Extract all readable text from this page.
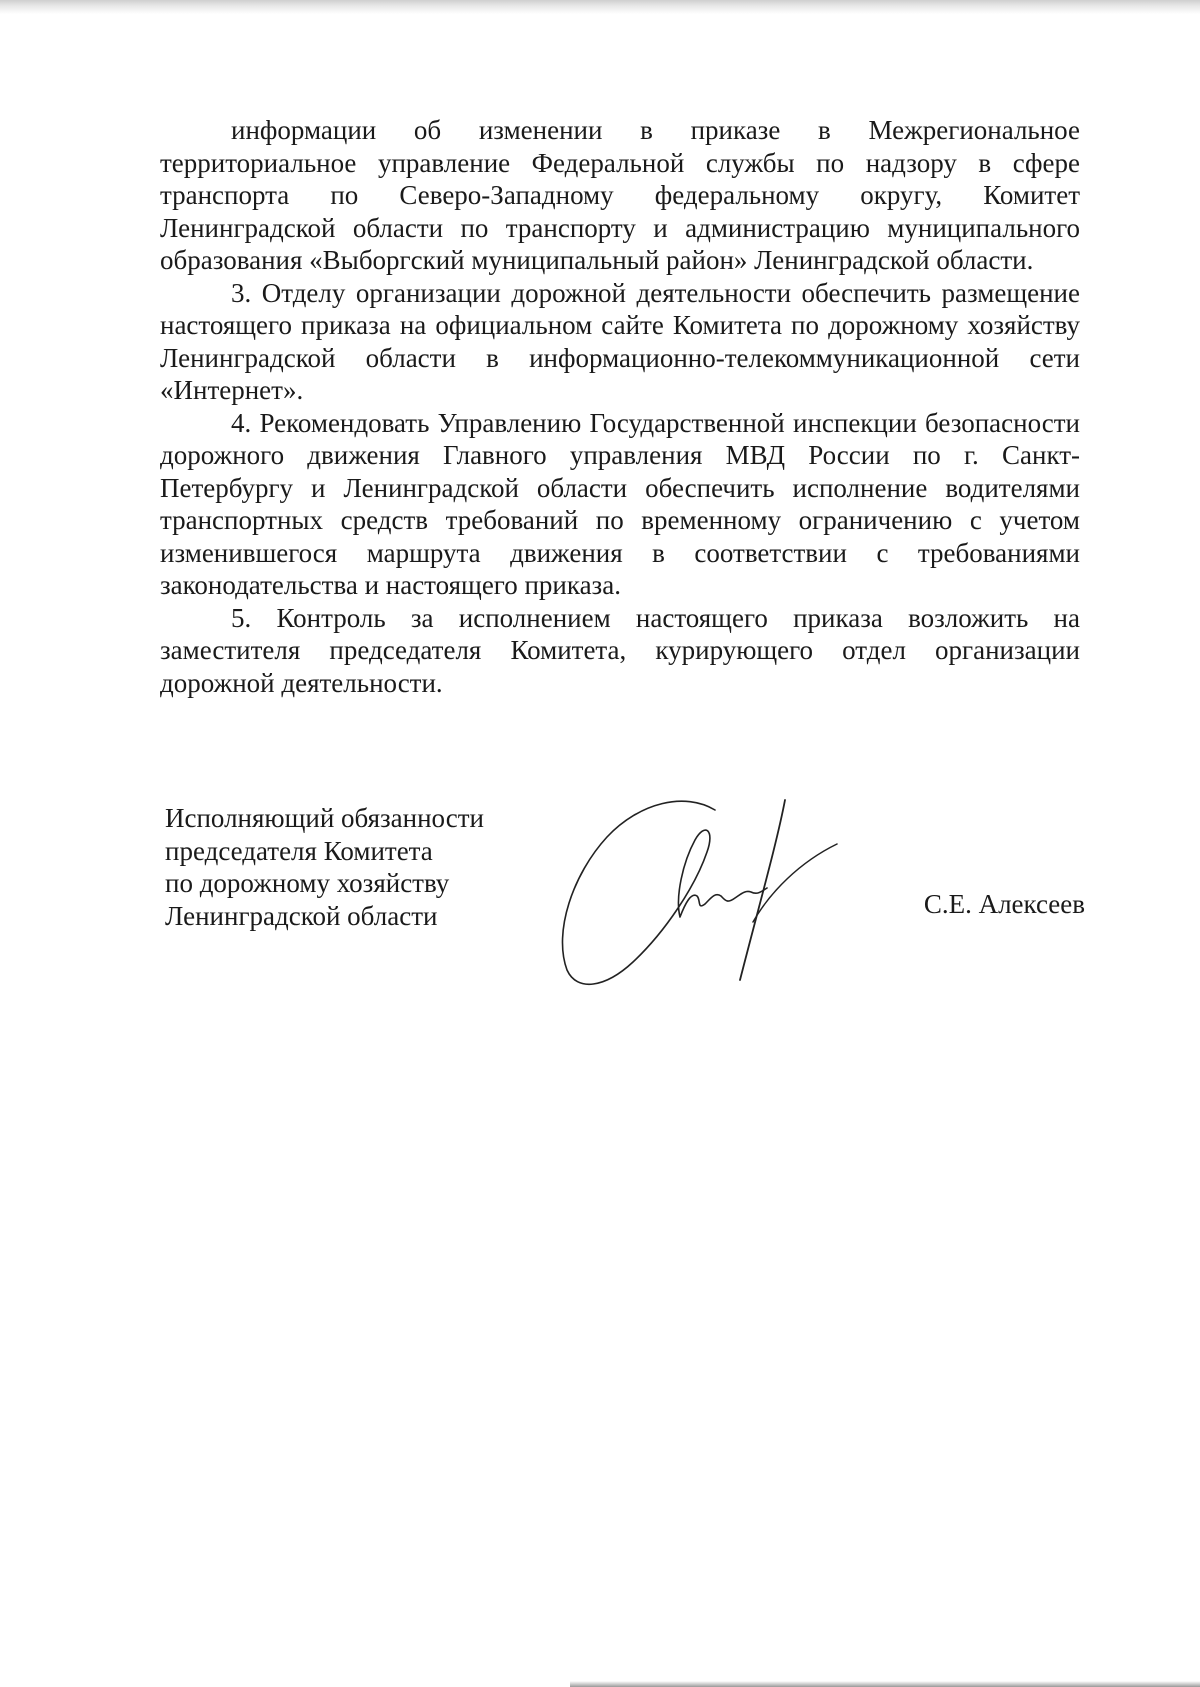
информации об изменении в приказе в Межрегиональное территориальное управление Федеральной службы по надзору в сфере транспорта по Северо-Западному федеральному округу, Комитет Ленинградской области по транспорту и администрацию муниципального образования «Выборгский муниципальный район» Ленинградской области.

3. Отделу организации дорожной деятельности обеспечить размещение настоящего приказа на официальном сайте Комитета по дорожному хозяйству Ленинградской области в информационно-телекоммуникационной сети «Интернет».

4. Рекомендовать Управлению Государственной инспекции безопасности дорожного движения Главного управления МВД России по г. Санкт-Петербургу и Ленинградской области обеспечить исполнение водителями транспортных средств требований по временному ограничению с учетом изменившегося маршрута движения в соответствии с требованиями законодательства и настоящего приказа.

5. Контроль за исполнением настоящего приказа возложить на заместителя председателя Комитета, курирующего отдел организации дорожной деятельности.

Исполняющий обязанности
председателя Комитета
по дорожному хозяйству
Ленинградской области	С.Е. Алексеев
